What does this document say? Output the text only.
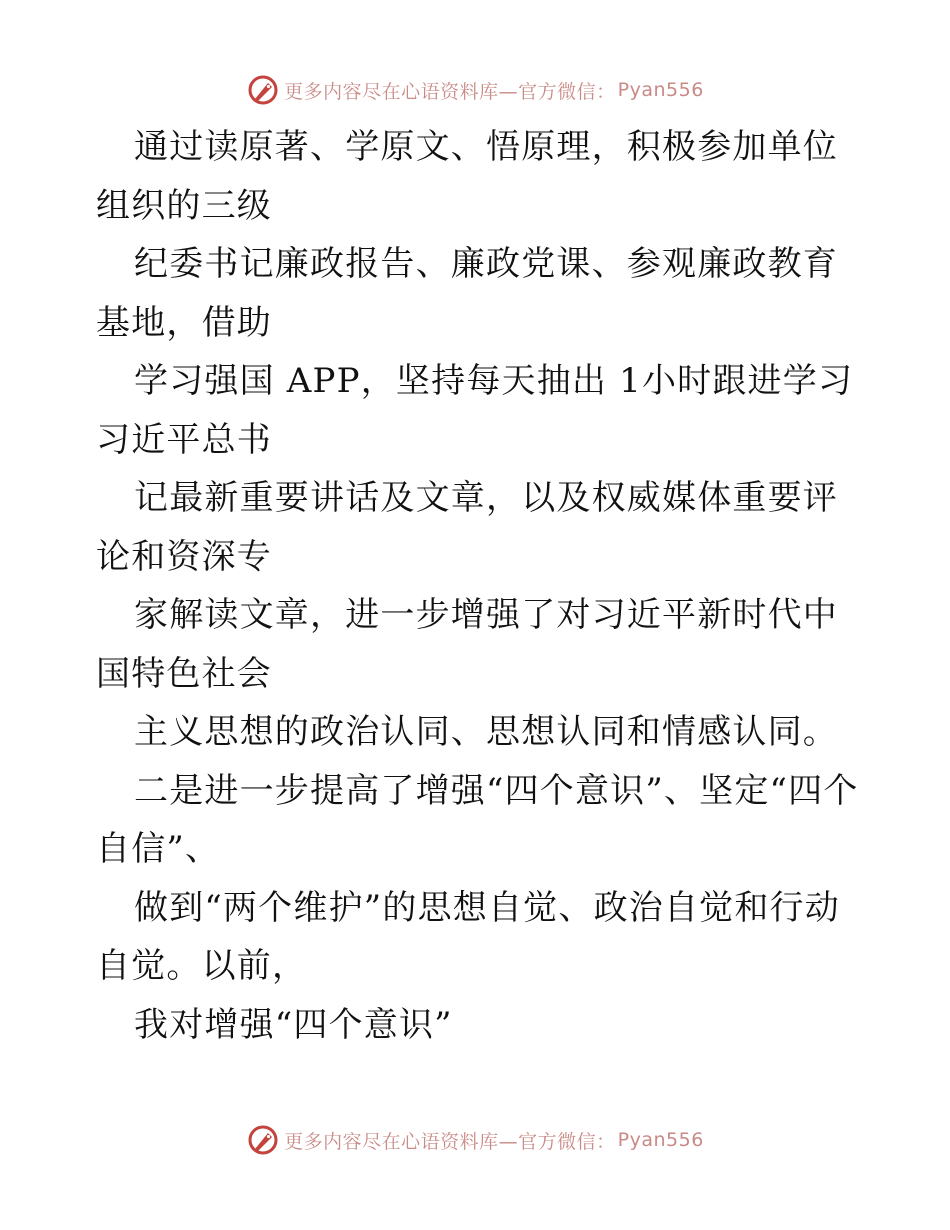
更多内容尽在心语资料库—官方微信： Pyan556

通过读原著、学原文、悟原理，积极参加单位组织的三级

纪委书记廉政报告、廉政党课、参观廉政教育基地，借助

学习强国 APP，坚持每天抽出 1小时跟进学习 习近平总书

记最新重要讲话及文章，以及权威媒体重要评论和资深专

家解读文章，进一步增强了对习近平新时代中国特色社会

主义思想的政治认同、思想认同和情感认同。

二是进一步提高了增强“四个意识”、坚定“四个自信”、

做到“两个维护”的思想自觉、政治自觉和行动自觉。以前，

我对增强“四个意识”

更多内容尽在心语资料库—官方微信： Pyan556
